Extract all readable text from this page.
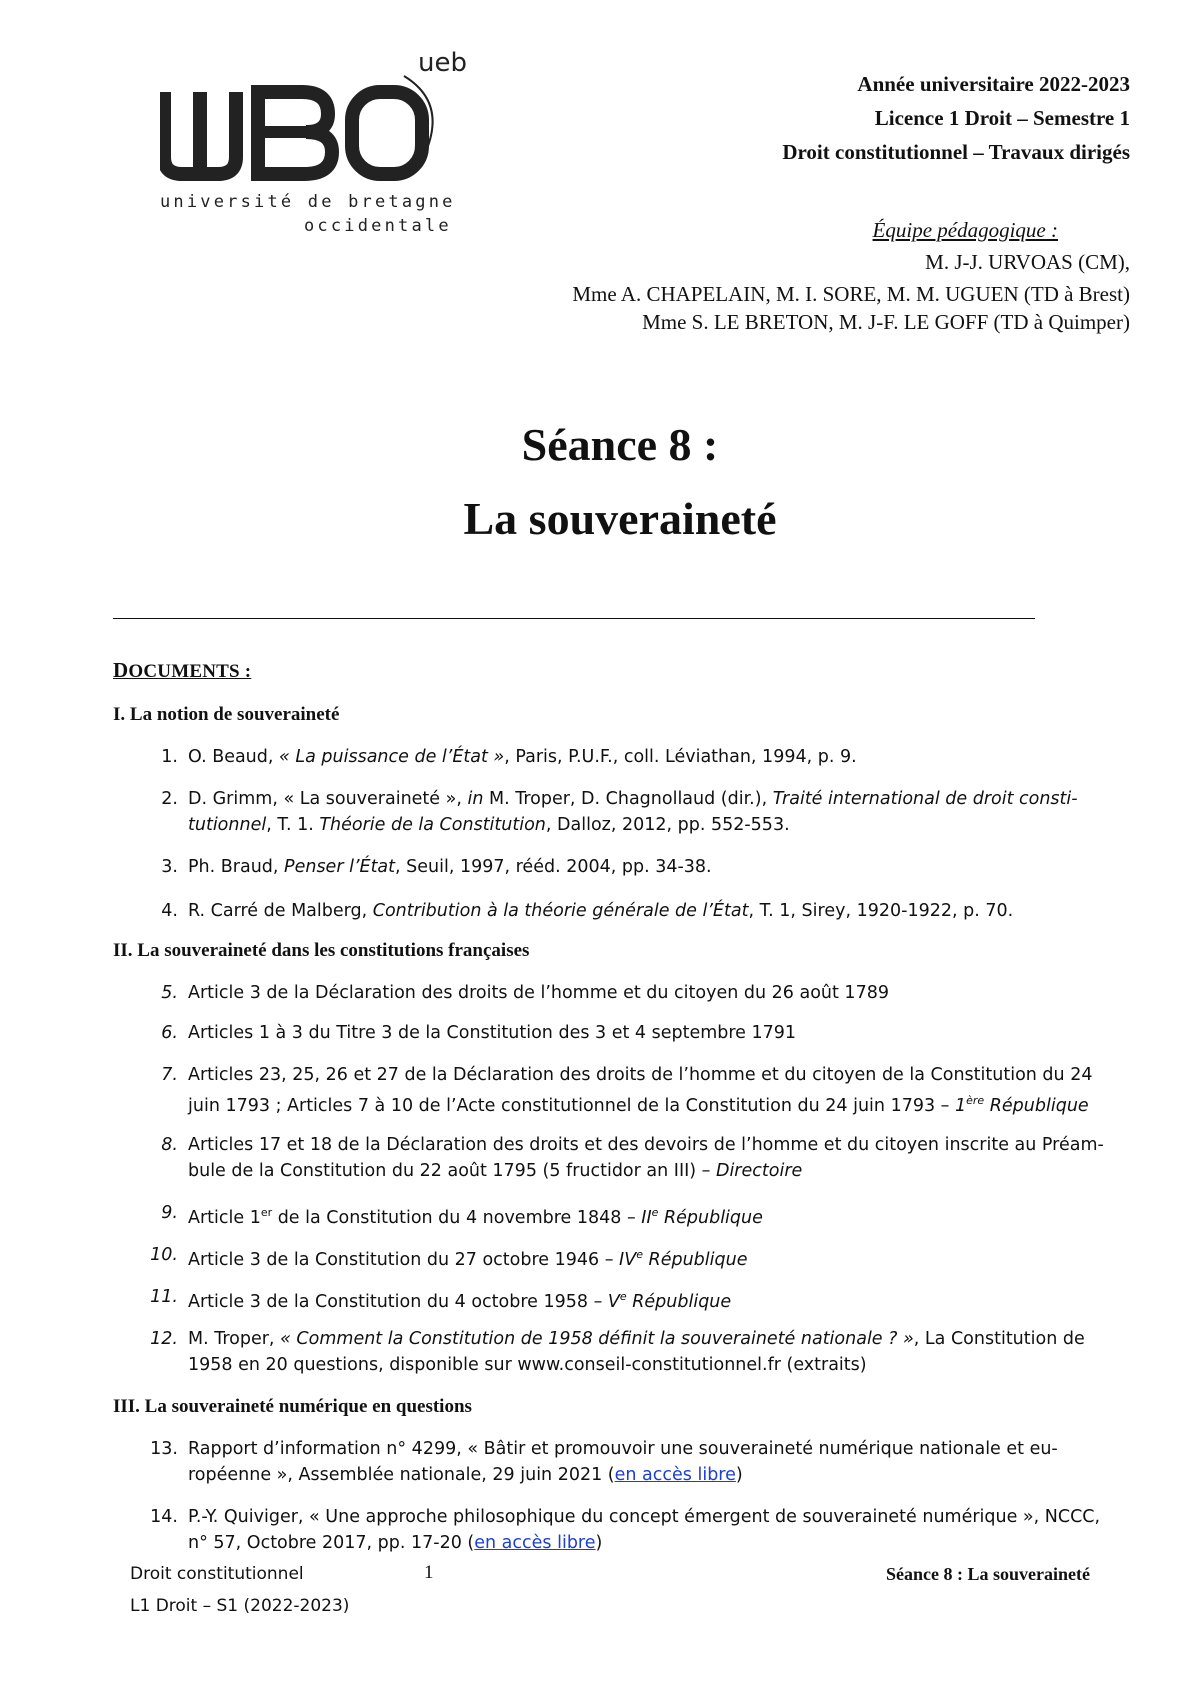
ueb
université de bretagne
occidentale
Année universitaire 2022-2023
Licence 1 Droit – Semestre 1
Droit constitutionnel – Travaux dirigés
Équipe pédagogique :
M. J-J. URVOAS (CM),
Mme A. CHAPELAIN, M. I. SORE, M. M. UGUEN (TD à Brest)
Mme S. LE BRETON, M. J-F. LE GOFF (TD à Quimper)
Séance 8 :
La souveraineté
DOCUMENTS :
I. La notion de souveraineté
1. O. Beaud, « La puissance de l’État », Paris, P.U.F., coll. Léviathan, 1994, p. 9.
2. D. Grimm, « La souveraineté », in M. Troper, D. Chagnollaud (dir.), Traité international de droit consti-
tutionnel, T. 1. Théorie de la Constitution, Dalloz, 2012, pp. 552-553.
3. Ph. Braud, Penser l’État, Seuil, 1997, rééd. 2004, pp. 34-38.
4. R. Carré de Malberg, Contribution à la théorie générale de l’État, T. 1, Sirey, 1920-1922, p. 70.
II. La souveraineté dans les constitutions françaises
5. Article 3 de la Déclaration des droits de l’homme et du citoyen du 26 août 1789
6. Articles 1 à 3 du Titre 3 de la Constitution des 3 et 4 septembre 1791
7. Articles 23, 25, 26 et 27 de la Déclaration des droits de l’homme et du citoyen de la Constitution du 24
juin 1793 ; Articles 7 à 10 de l’Acte constitutionnel de la Constitution du 24 juin 1793 – 1ère République
8. Articles 17 et 18 de la Déclaration des droits et des devoirs de l’homme et du citoyen inscrite au Préam-
bule de la Constitution du 22 août 1795 (5 fructidor an III) – Directoire
9. Article 1er de la Constitution du 4 novembre 1848 – IIe République
10. Article 3 de la Constitution du 27 octobre 1946 – IVe République
11. Article 3 de la Constitution du 4 octobre 1958 – Ve République
12. M. Troper, « Comment la Constitution de 1958 définit la souveraineté nationale ? », La Constitution de
1958 en 20 questions, disponible sur www.conseil-constitutionnel.fr (extraits)
III. La souveraineté numérique en questions
13. Rapport d’information n° 4299, « Bâtir et promouvoir une souveraineté numérique nationale et eu-
ropéenne », Assemblée nationale, 29 juin 2021 (en accès libre)
14. P.-Y. Quiviger, « Une approche philosophique du concept émergent de souveraineté numérique », NCCC,
n° 57, Octobre 2017, pp. 17-20 (en accès libre)
Droit constitutionnel	1	Séance 8 : La souveraineté
L1 Droit – S1 (2022-2023)
